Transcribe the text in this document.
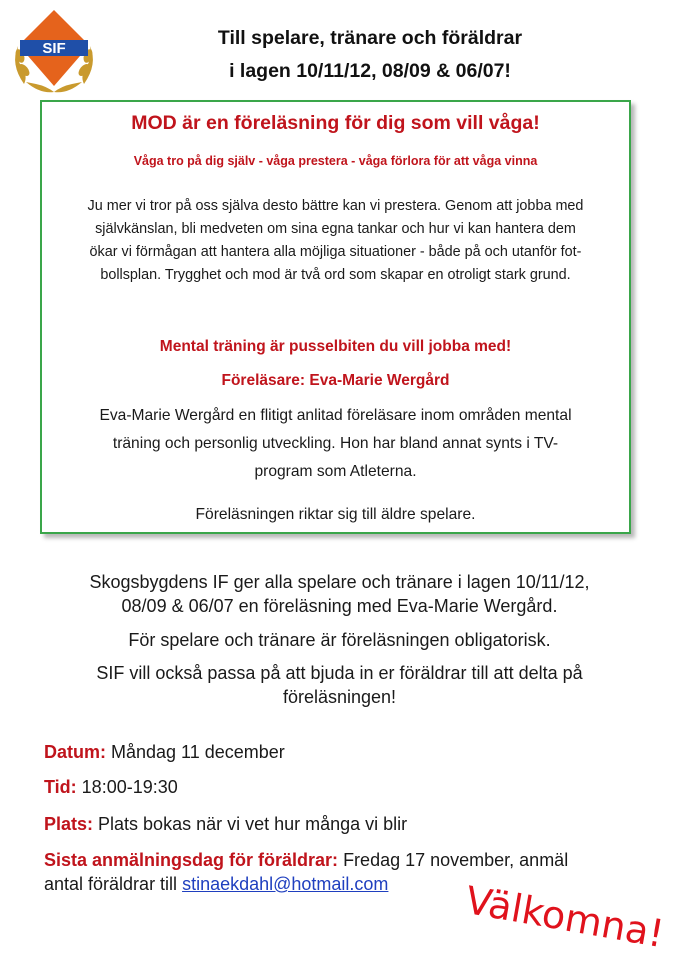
SIF	Till spelare, tränare och föräldrar
i lagen 10/11/12, 08/09 & 06/07!
MOD är en föreläsning för dig som vill våga!
Våga tro på dig själv - våga prestera - våga förlora för att våga vinna
Ju mer vi tror på oss själva desto bättre kan vi prestera. Genom att jobba med
självkänslan, bli medveten om sina egna tankar och hur vi kan hantera dem
ökar vi förmågan att hantera alla möjliga situationer - både på och utanför fot-
bollsplan. Trygghet och mod är två ord som skapar en otroligt stark grund.
Mental träning är pusselbiten du vill jobba med!
Föreläsare: Eva-Marie Wergård
Eva-Marie Wergård en flitigt anlitad föreläsare inom områden mental
träning och personlig utveckling. Hon har bland annat synts i TV-
program som Atleterna.
Föreläsningen riktar sig till äldre spelare.

Skogsbygdens IF ger alla spelare och tränare i lagen 10/11/12,
08/09 & 06/07 en föreläsning med Eva-Marie Wergård.

För spelare och tränare är föreläsningen obligatorisk.

SIF vill också passa på att bjuda in er föräldrar till att delta på
föreläsningen!

Datum: Måndag 11 december
Tid: 18:00-19:30
Plats: Plats bokas när vi vet hur många vi blir
Sista anmälningsdag för föräldrar: Fredag 17 november, anmäl
antal föräldrar till stinaekdahl@hotmail.com	Välkomna!
